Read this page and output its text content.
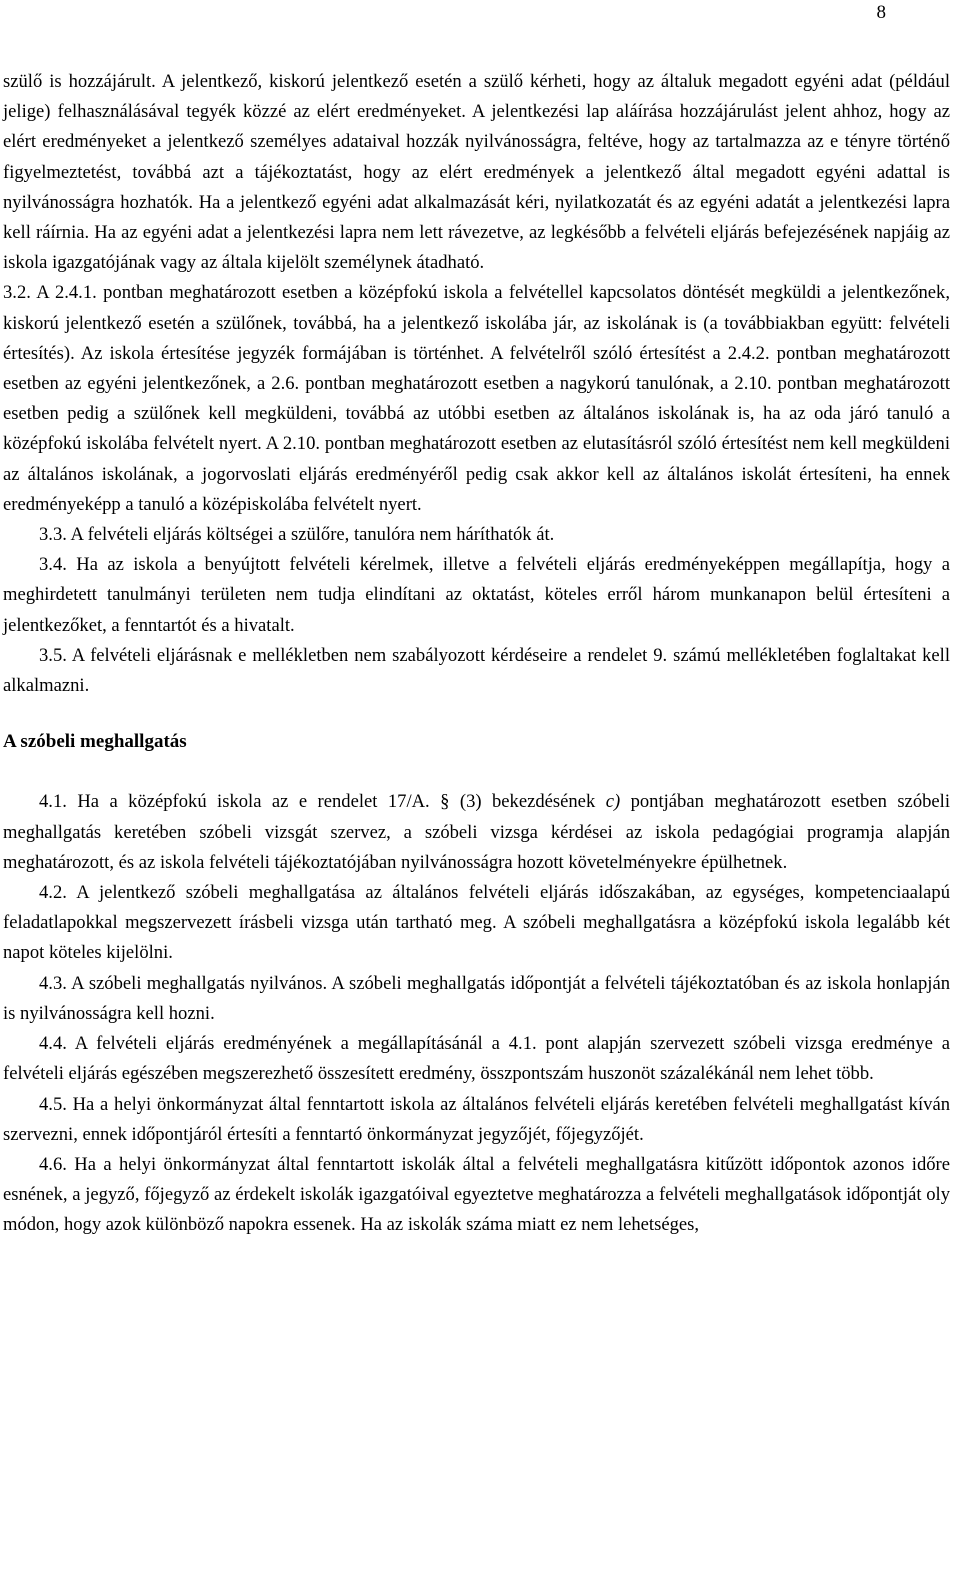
8

szülő is hozzájárult. A jelentkező, kiskorú jelentkező esetén a szülő kérheti, hogy az általuk megadott egyéni adat (például jelige) felhasználásával tegyék közzé az elért eredményeket. A jelentkezési lap aláírása hozzájárulást jelent ahhoz, hogy az elért eredményeket a jelentkező személyes adataival hozzák nyilvánosságra, feltéve, hogy az tartalmazza az e tényre történő figyelmeztetést, továbbá azt a tájékoztatást, hogy az elért eredmények a jelentkező által megadott egyéni adattal is nyilvánosságra hozhatók. Ha a jelentkező egyéni adat alkalmazását kéri, nyilatkozatát és az egyéni adatát a jelentkezési lapra kell ráírnia. Ha az egyéni adat a jelentkezési lapra nem lett rávezetve, az legkésőbb a felvételi eljárás befejezésének napjáig az iskola igazgatójának vagy az általa kijelölt személynek átadható.

3.2. A 2.4.1. pontban meghatározott esetben a középfokú iskola a felvétellel kapcsolatos döntését megküldi a jelentkezőnek, kiskorú jelentkező esetén a szülőnek, továbbá, ha a jelentkező iskolába jár, az iskolának is (a továbbiakban együtt: felvételi értesítés). Az iskola értesítése jegyzék formájában is történhet. A felvételről szóló értesítést a 2.4.2. pontban meghatározott esetben az egyéni jelentkezőnek, a 2.6. pontban meghatározott esetben a nagykorú tanulónak, a 2.10. pontban meghatározott esetben pedig a szülőnek kell megküldeni, továbbá az utóbbi esetben az általános iskolának is, ha az oda járó tanuló a középfokú iskolába felvételt nyert. A 2.10. pontban meghatározott esetben az elutasításról szóló értesítést nem kell megküldeni az általános iskolának, a jogorvoslati eljárás eredményéről pedig csak akkor kell az általános iskolát értesíteni, ha ennek eredményeképp a tanuló a középiskolába felvételt nyert.

3.3. A felvételi eljárás költségei a szülőre, tanulóra nem háríthatók át.

3.4. Ha az iskola a benyújtott felvételi kérelmek, illetve a felvételi eljárás eredményeképpen megállapítja, hogy a meghirdetett tanulmányi területen nem tudja elindítani az oktatást, köteles erről három munkanapon belül értesíteni a jelentkezőket, a fenntartót és a hivatalt.

3.5. A felvételi eljárásnak e mellékletben nem szabályozott kérdéseire a rendelet 9. számú mellékletében foglaltakat kell alkalmazni.

A szóbeli meghallgatás

4.1. Ha a középfokú iskola az e rendelet 17/A. § (3) bekezdésének c) pontjában meghatározott esetben szóbeli meghallgatás keretében szóbeli vizsgát szervez, a szóbeli vizsga kérdései az iskola pedagógiai programja alapján meghatározott, és az iskola felvételi tájékoztatójában nyilvánosságra hozott követelményekre épülhetnek.

4.2. A jelentkező szóbeli meghallgatása az általános felvételi eljárás időszakában, az egységes, kompetenciaalapú feladatlapokkal megszervezett írásbeli vizsga után tartható meg. A szóbeli meghallgatásra a középfokú iskola legalább két napot köteles kijelölni.

4.3. A szóbeli meghallgatás nyilvános. A szóbeli meghallgatás időpontját a felvételi tájékoztatóban és az iskola honlapján is nyilvánosságra kell hozni.

4.4. A felvételi eljárás eredményének a megállapításánál a 4.1. pont alapján szervezett szóbeli vizsga eredménye a felvételi eljárás egészében megszerezhető összesített eredmény, összpontszám huszonöt százalékánál nem lehet több.

4.5. Ha a helyi önkormányzat által fenntartott iskola az általános felvételi eljárás keretében felvételi meghallgatást kíván szervezni, ennek időpontjáról értesíti a fenntartó önkormányzat jegyzőjét, főjegyzőjét.

4.6. Ha a helyi önkormányzat által fenntartott iskolák által a felvételi meghallgatásra kitűzött időpontok azonos időre esnének, a jegyző, főjegyző az érdekelt iskolák igazgatóival egyeztetve meghatározza a felvételi meghallgatások időpontját oly módon, hogy azok különböző napokra essenek. Ha az iskolák száma miatt ez nem lehetséges,
